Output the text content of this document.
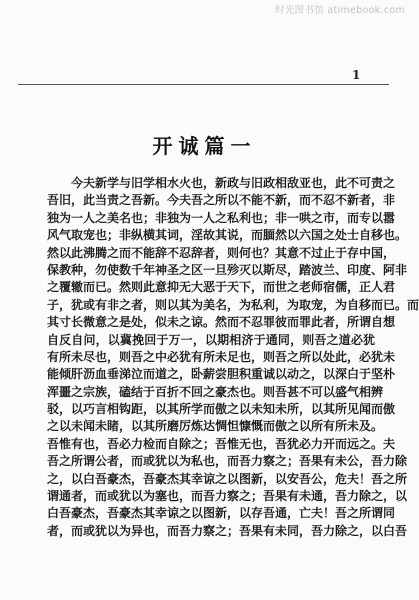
时光图书馆 atimebook.com
1
开诚篇一
今夫新学与旧学相水火也，新政与旧政相敌亚也，此不可责之
吾旧，此当责之吾新。今夫吾之所以不能不新，而不忍不新者，非
独为一人之美名也；非独为一人之私利也；非一哄之市，而专以嚣
风气取宠也；非纵横其词，淫故其说，而腼然以六国之处士自移也。
然以此沸腾之而不能辞不忍辞者，则何也？其意不过止于存中国，
保教种，勿使数千年神圣之区一旦殄灭以斯尽，踏波兰、印度、阿非
之覆辙而已。然则此意抑无大恶于天下，而世之老师宿儒，正人君
子，犹或有非之者，则以其为美名，为私利，为取宠，为自移而已。而
其寸长微意之是处，似未之谅。然而不忍罪彼而罪此者，所谓自想
自反自问，以冀挽回于万一，以期相济于通同，则吾之道必犹
有所未尽也，则吾之中必犹有所未足也，则吾之所以处此，必犹未
能倾肝沥血垂涕泣而道之，卧薪尝胆积重诚以动之，以深白于坚朴
浑噩之宗族，磕结于百折不回之豪杰也。则吾甚不可以盛气相辨
驳，以巧言相钩距，以其所学而傲之以未知未所，以其所见闻而傲
之以未闻未睹，以其所磨厉炼达惆怛慷慨而傲之以所有所未及。
吾惟有也，吾必力检而自除之；吾惟无也，吾犹必力开而远之。夫
吾之所谓公者，而或犹以为私也，而吾力察之；吾果有未公，吾力除
之，以白吾豪杰，吾豪杰其幸谅之以图新，以安吾公，危夫！吾之所
谓通者，而或犹以为塞也，而吾力察之；吾果有未通，吾力除之，以
白吾豪杰，吾豪杰其幸谅之以图新，以存吾通，亡夫！吾之所谓同
者，而或犹以为异也，而吾力察之；吾果有未同，吾力除之，以白吾
